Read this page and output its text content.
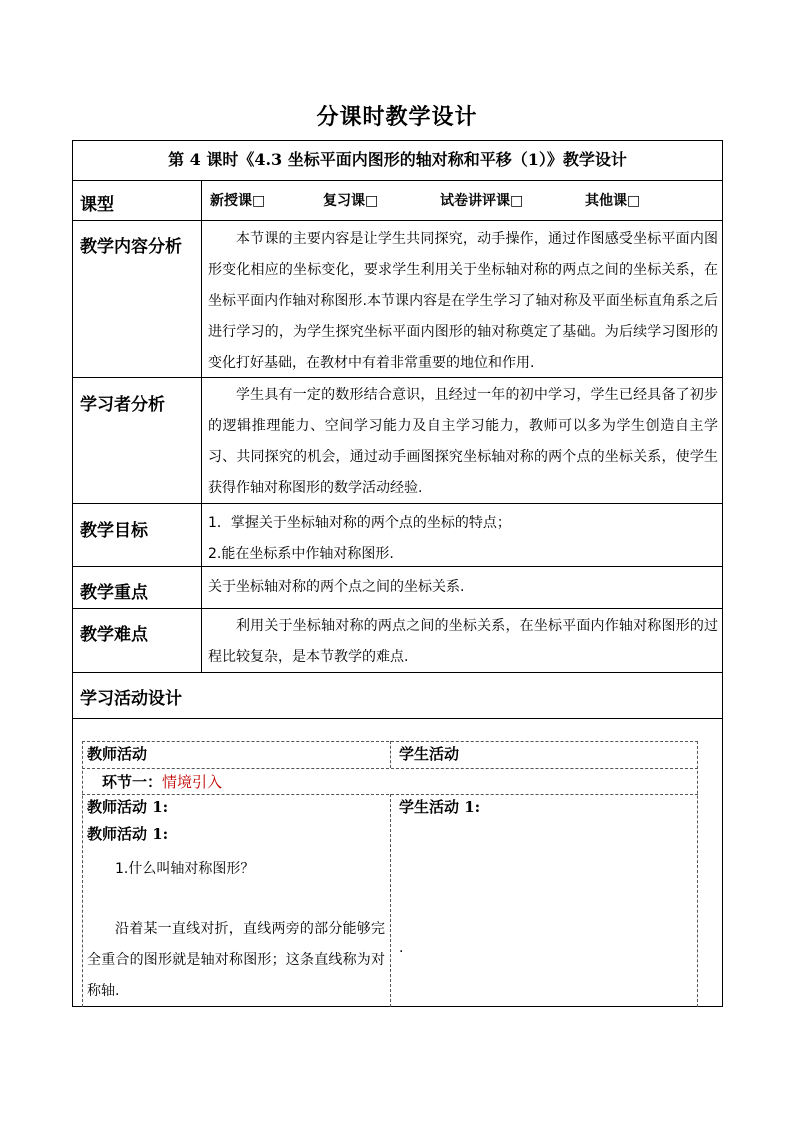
分课时教学设计
第 4 课时《4.3 坐标平面内图形的轴对称和平移（1）》教学设计
课型	新授课□	复习课□	试卷讲评课□	其他课□
教学内容分析	本节课的主要内容是让学生共同探究，动手操作，通过作图感受坐标平面内图形变化相应的坐标变化，要求学生利用关于坐标轴对称的两点之间的坐标关系，在坐标平面内作轴对称图形.本节课内容是在学生学习了轴对称及平面坐标直角系之后进行学习的，为学生探究坐标平面内图形的轴对称奠定了基础。为后续学习图形的变化打好基础，在教材中有着非常重要的地位和作用.
学习者分析	学生具有一定的数形结合意识，且经过一年的初中学习，学生已经具备了初步的逻辑推理能力、空间学习能力及自主学习能力，教师可以多为学生创造自主学习、共同探究的机会，通过动手画图探究坐标轴对称的两个点的坐标关系，使学生获得作轴对称图形的数学活动经验.
教学目标	1．掌握关于坐标轴对称的两个点的坐标的特点；
2.能在坐标系中作轴对称图形.
教学重点	关于坐标轴对称的两个点之间的坐标关系.
教学难点	利用关于坐标轴对称的两点之间的坐标关系，在坐标平面内作轴对称图形的过程比较复杂，是本节教学的难点.
学习活动设计
教师活动	学生活动
环节一：情境引入
教师活动 1:
教师活动 1:
1.什么叫轴对称图形？
沿着某一直线对折，直线两旁的部分能够完全重合的图形就是轴对称图形；这条直线称为对称轴.
学生活动 1:
.
